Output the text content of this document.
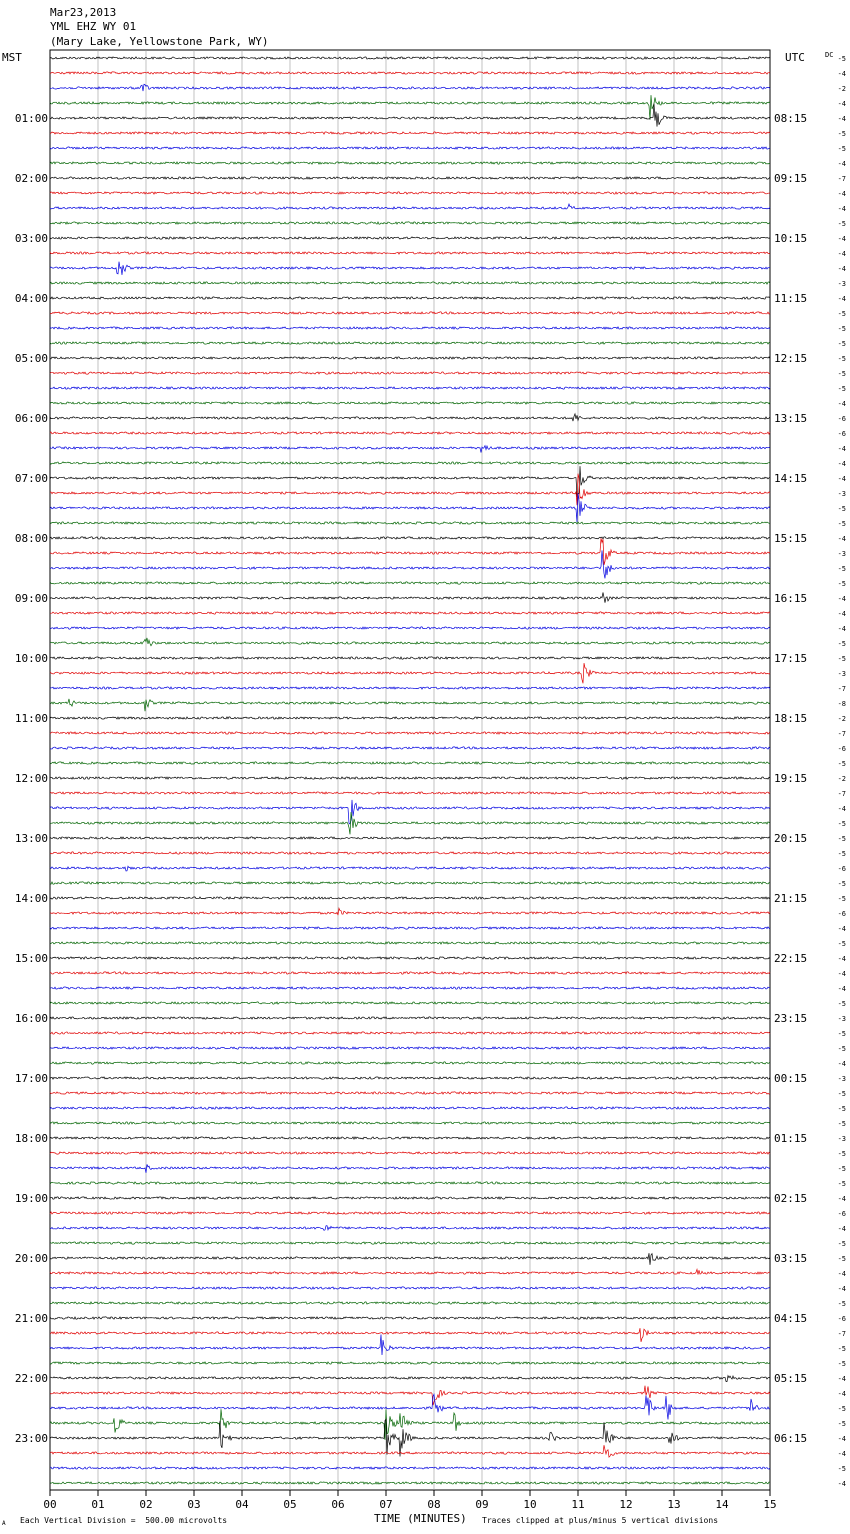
Mar23,2013
YML EHZ WY 01
(Mary Lake, Yellowstone Park, WY)
MST	UTC	DC
01:00
02:00
03:00
04:00
05:00
06:00
07:00
08:00
09:00
10:00
11:00
12:00
13:00
14:00
15:00
16:00
17:00
18:00
19:00
20:00
21:00
22:00
23:00
08:15
09:15
10:15
11:15
12:15
13:15
14:15
15:15
16:15
17:15
18:15
19:15
20:15
21:15
22:15
23:15
00:15
01:15
02:15
03:15
04:15
05:15
06:15
-5
-4
-2
-4
-4
-5
-5
-4
-7
-4
-4
-5
-4
-4
-4
-3
-4
-5
-5
-5
-5
-5
-5
-4
-6
-6
-4
-4
-4
-3
-5
-5
-4
-3
-5
-5
-4
-4
-4
-5
-5
-3
-7
-8
-2
-7
-6
-5
-2
-7
-4
-5
-5
-5
-6
-5
-5
-6
-4
-5
-4
-4
-4
-5
-3
-5
-5
-4
-3
-5
-5
-5
-3
-5
-5
-5
-4
-6
-4
-5
-5
-4
-4
-5
-6
-7
-5
-5
-4
-4
-5
-5
-4
-4
-5
-4
00	01	02	03	04	05	06	07	08	09	10	11	12	13	14	15
TIME (MINUTES)
Each Vertical Division =  500.00 microvolts	Traces clipped at plus/minus 5 vertical divisions
A
